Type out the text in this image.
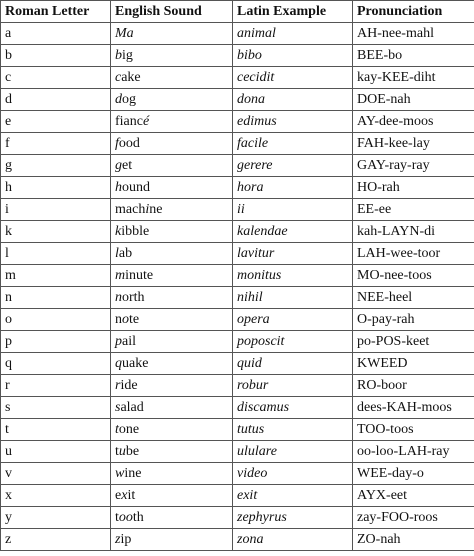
Roman Letter	English Sound	Latin Example	Pronunciation
a	Ma	animal	AH-nee-mahl
b	big	bibo	BEE-bo
c	cake	cecidit	kay-KEE-diht
d	dog	dona	DOE-nah
e	fiancé	edimus	AY-dee-moos
f	food	facile	FAH-kee-lay
g	get	gerere	GAY-ray-ray
h	hound	hora	HO-rah
i	machine	ii	EE-ee
k	kibble	kalendae	kah-LAYN-di
l	lab	lavitur	LAH-wee-toor
m	minute	monitus	MO-nee-toos
n	north	nihil	NEE-heel
o	note	opera	O-pay-rah
p	pail	poposcit	po-POS-keet
q	quake	quid	KWEED
r	ride	robur	RO-boor
s	salad	discamus	dees-KAH-moos
t	tone	tutus	TOO-toos
u	tube	ululare	oo-loo-LAH-ray
v	wine	video	WEE-day-o
x	exit	exit	AYX-eet
y	tooth	zephyrus	zay-FOO-roos
z	zip	zona	ZO-nah
